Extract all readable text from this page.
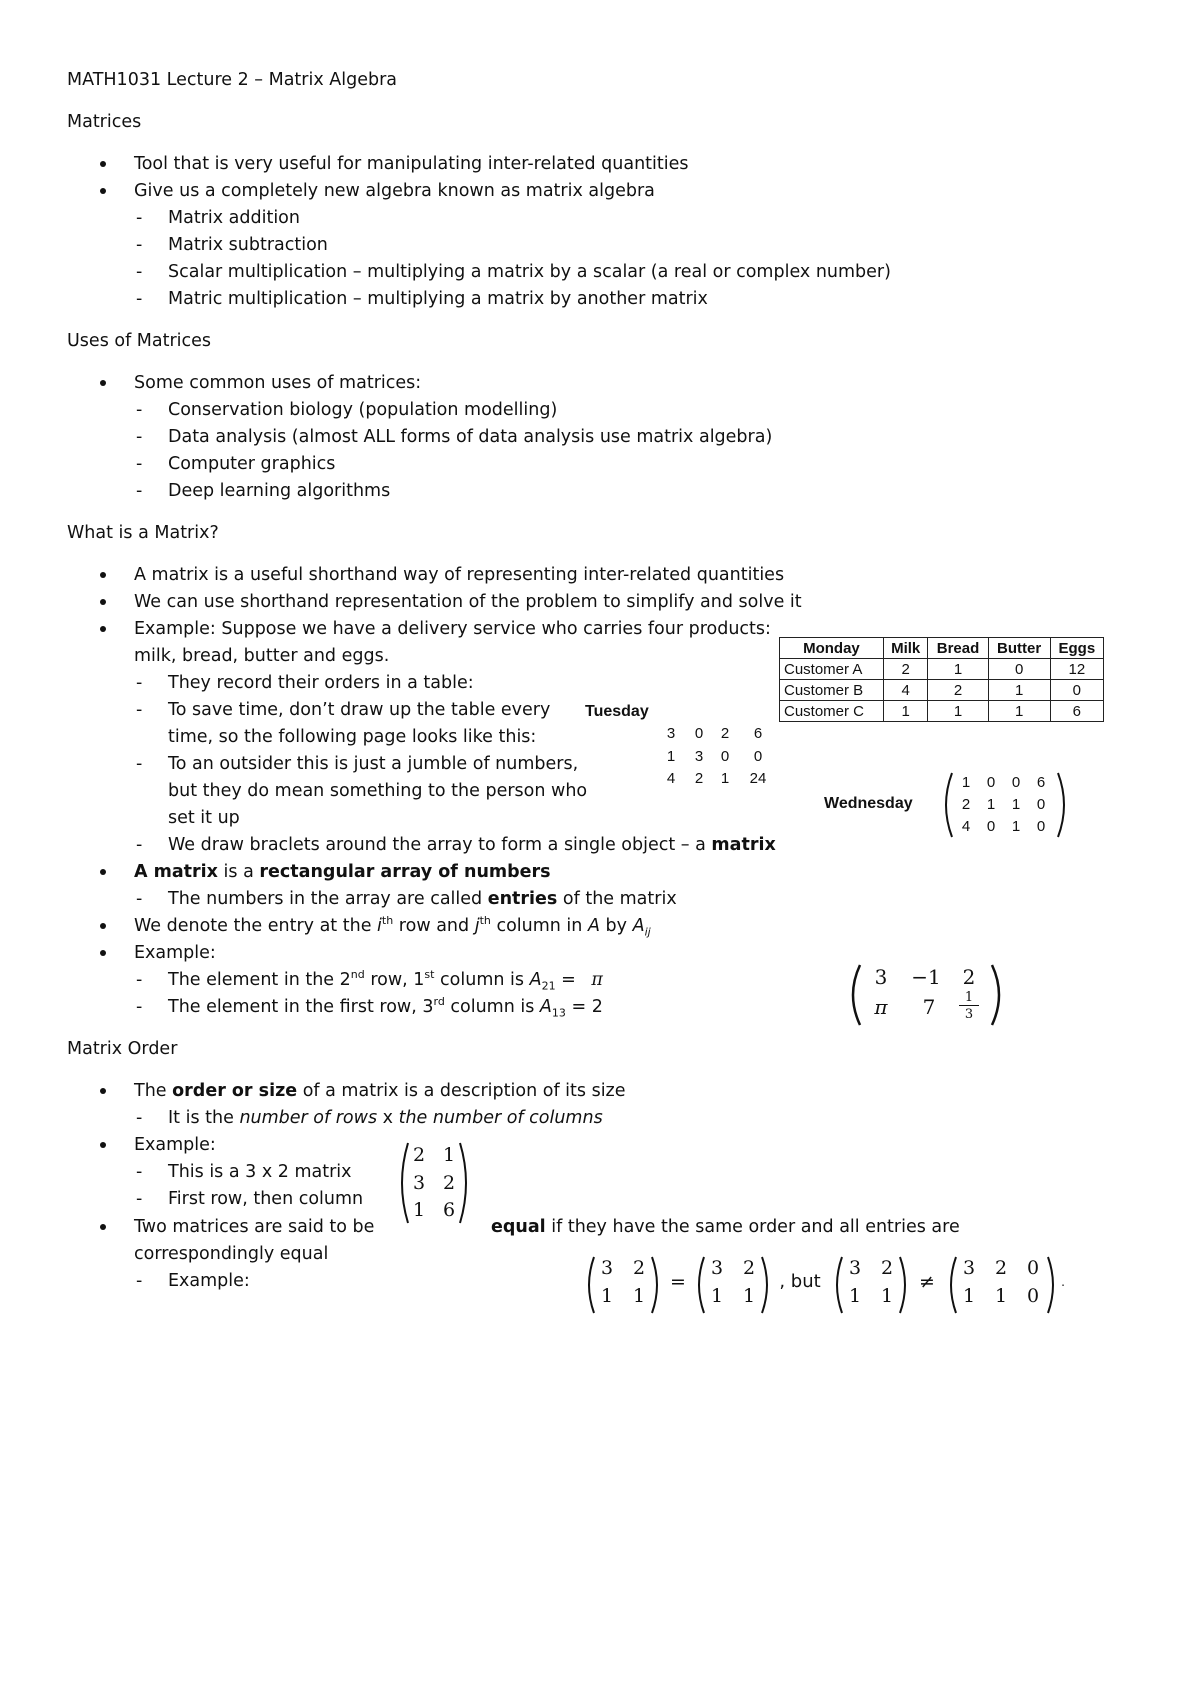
MATH1031 Lecture 2 – Matrix Algebra
Matrices
Tool that is very useful for manipulating inter-related quantities
Give us a completely new algebra known as matrix algebra
- Matrix addition
- Matrix subtraction
- Scalar multiplication – multiplying a matrix by a scalar (a real or complex number)
- Matric multiplication – multiplying a matrix by another matrix
Uses of Matrices
Some common uses of matrices:
- Conservation biology (population modelling)
- Data analysis (almost ALL forms of data analysis use matrix algebra)
- Computer graphics
- Deep learning algorithms
What is a Matrix?
A matrix is a useful shorthand way of representing inter-related quantities
We can use shorthand representation of the problem to simplify and solve it
Example: Suppose we have a delivery service who carries four products:
milk, bread, butter and eggs.
- They record their orders in a table:
- To save time, don’t draw up the table every
time, so the following page looks like this:
- To an outsider this is just a jumble of numbers,
but they do mean something to the person who
set it up
- We draw braclets around the array to form a single object – a matrix
A matrix is a rectangular array of numbers
- The numbers in the array are called entries of the matrix
We denote the entry at the $i^{th}$ row and $j^{th}$ column in A by $A_{ij}$
Example:
- The element in the 2nd row, 1st column is $A_{21} = \pi$
- The element in the first row, 3rd column is $A_{13} = 2$
Matrix Order
The order or size of a matrix is a description of its size
- It is the number of rows x the number of columns
Example:
- This is a 3 x 2 matrix
- First row, then column
Two matrices are said to be	equal if they have the same order and all entries are
correspondingly equal
- Example:
Monday	Milk	Bread	Butter	Eggs
Customer A	2	1	0	12
Customer B	4	2	1	0
Customer C	1	1	1	6
Tuesday
3	0	2	6
1	3	0	0
4	2	1	24
Wednesday
1	0	0	6
2	1	1	0
4	0	1	0
3	−1	2
π	7	1
3
2 1
3 2
1 6
3 2
1 1
=
3 2
1 1
, but
3 2
1 1
≠
3 2 0
1 1 0
.
